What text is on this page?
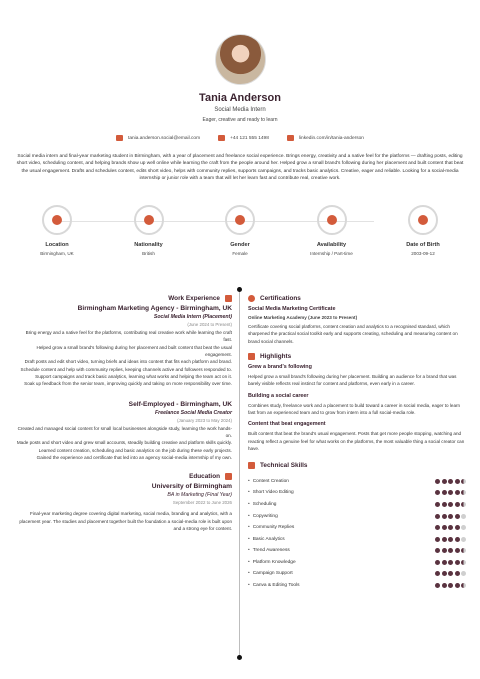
Tania Anderson
Social Media Intern
Eager, creative and ready to learn
tania.anderson.social@email.com	+44 121 555 1498	linkedin.com/in/tania-anderson
Social media intern and final-year marketing student in Birmingham, with a year of placement and freelance social experience. Brings energy, creativity and a native feel for the platforms — drafting posts, editing short video, scheduling content, and helping brands show up well online while learning the craft from the people around her. Helped grow a small brand's following during her placement and built content that beat the usual engagement. Drafts and schedules content, edits short video, helps with community replies, supports campaigns, and tracks basic analytics. Creative, eager and reliable. Looking for a social-media internship or junior role with a team that will let her learn fast and contribute real, creative work.
Location
Birmingham, UK
Nationality
British
Gender
Female
Availability
Internship / Part-time
Date of Birth
2003-09-12
Work Experience
Birmingham Marketing Agency - Birmingham, UK
Social Media Intern (Placement)
(June 2024 to Present)

Bring energy and a native feel for the platforms, contributing real creative work while learning the craft fast.

Helped grow a small brand's following during her placement and built content that beat the usual engagement.

Draft posts and edit short video, turning briefs and ideas into content that fits each platform and brand.

Schedule content and help with community replies, keeping channels active and followers responded to.

Support campaigns and track basic analytics, learning what works and helping the team act on it.

Soak up feedback from the senior team, improving quickly and taking on more responsibility over time.

Self-Employed - Birmingham, UK
Freelance Social Media Creator
(January 2023 to May 2024)

Created and managed social content for small local businesses alongside study, learning the work hands-on.

Made posts and short video and grew small accounts, steadily building creative and platform skills quickly.

Learned content creation, scheduling and basic analytics on the job during these early projects.

Gained the experience and certificate that led into an agency social-media internship of my own.

Education
University of Birmingham
BA in Marketing (Final Year)
September 2022 to June 2026
Final-year marketing degree covering digital marketing, social media, branding and analytics, with a placement year. The studies and placement together built the foundation a social-media role is built upon and a strong eye for content.
Certifications
Social Media Marketing Certificate
Online Marketing Academy (June 2023 to Present)
Certificate covering social platforms, content creation and analytics to a recognised standard, which sharpened the practical social toolkit early and supports creating, scheduling and measuring content on brand social channels.
Highlights
Grew a brand's following
Helped grow a small brand's following during her placement. Building an audience for a brand that was barely visible reflects real instinct for content and platforms, even early in a career.
Building a social career
Combines study, freelance work and a placement to build toward a career in social media, eager to learn fast from an experienced team and to grow from intern into a full social-media role.
Content that beat engagement
Built content that beat the brand's usual engagement. Posts that get more people stopping, watching and reacting reflect a genuine feel for what works on the platforms, the most valuable thing a social creator can have.
Technical Skills
• Content Creation
• Short Video Editing
• Scheduling
• Copywriting
• Community Replies
• Basic Analytics
• Trend Awareness
• Platform Knowledge
• Campaign Support
• Canva & Editing Tools
